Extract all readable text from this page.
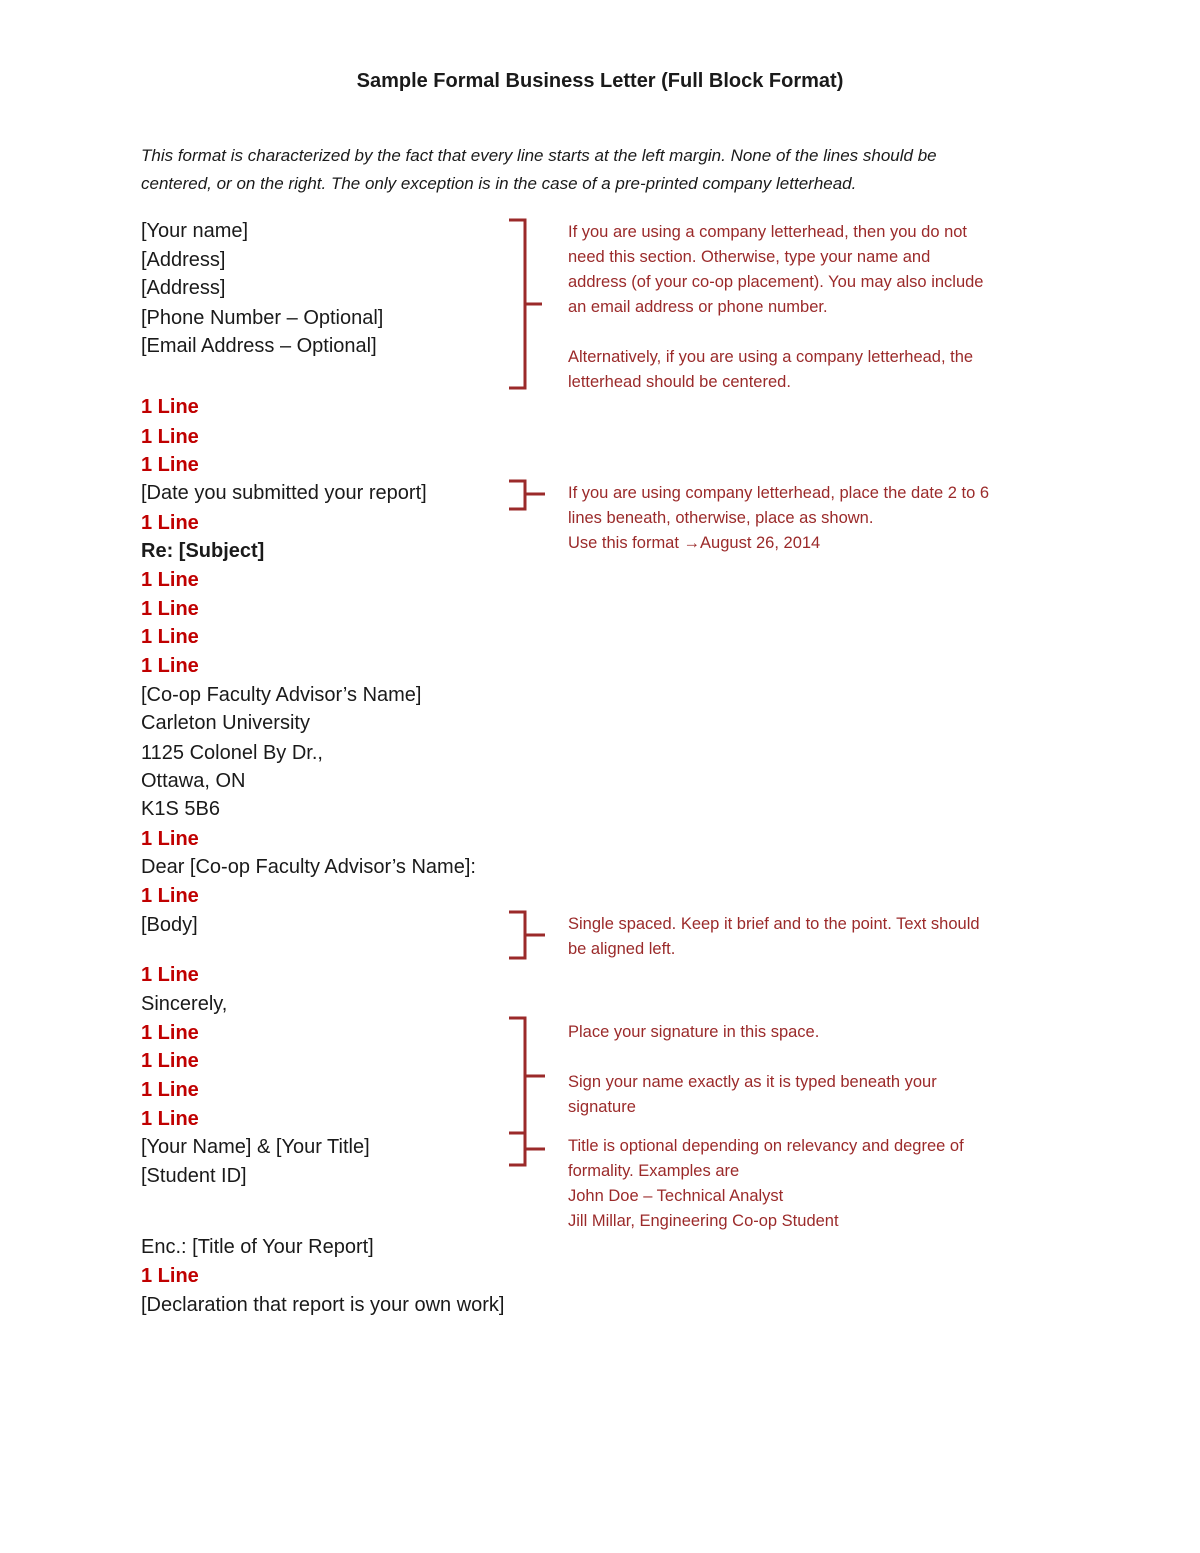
Sample Formal Business Letter (Full Block Format)
This format is characterized by the fact that every line starts at the left margin. None of the lines should be
centered, or on the right. The only exception is in the case of a pre-printed company letterhead.
[Your name]
[Address]
[Address]
[Phone Number – Optional]
[Email Address – Optional]
1 Line
1 Line
1 Line
[Date you submitted your report]
1 Line
Re: [Subject]
1 Line
1 Line
1 Line
1 Line
[Co-op Faculty Advisor’s Name]
Carleton University
1125 Colonel By Dr.,
Ottawa, ON
K1S 5B6
1 Line
Dear [Co-op Faculty Advisor’s Name]:
1 Line
[Body]
1 Line
Sincerely,
1 Line
1 Line
1 Line
1 Line
[Your Name] & [Your Title]
[Student ID]
Enc.: [Title of Your Report]
1 Line
[Declaration that report is your own work]

If you are using a company letterhead, then you do not

need this section. Otherwise, type your name and

address (of your co-op placement). You may also include

an email address or phone number.

Alternatively, if you are using a company letterhead, the

letterhead should be centered.

If you are using company letterhead, place the date 2 to 6

lines beneath, otherwise, place as shown.

Use this format →August 26, 2014

Single spaced. Keep it brief and to the point. Text should

be aligned left.

Place your signature in this space.

Sign your name exactly as it is typed beneath your

signature

Title is optional depending on relevancy and degree of

formality. Examples are

John Doe – Technical Analyst

Jill Millar, Engineering Co-op Student
